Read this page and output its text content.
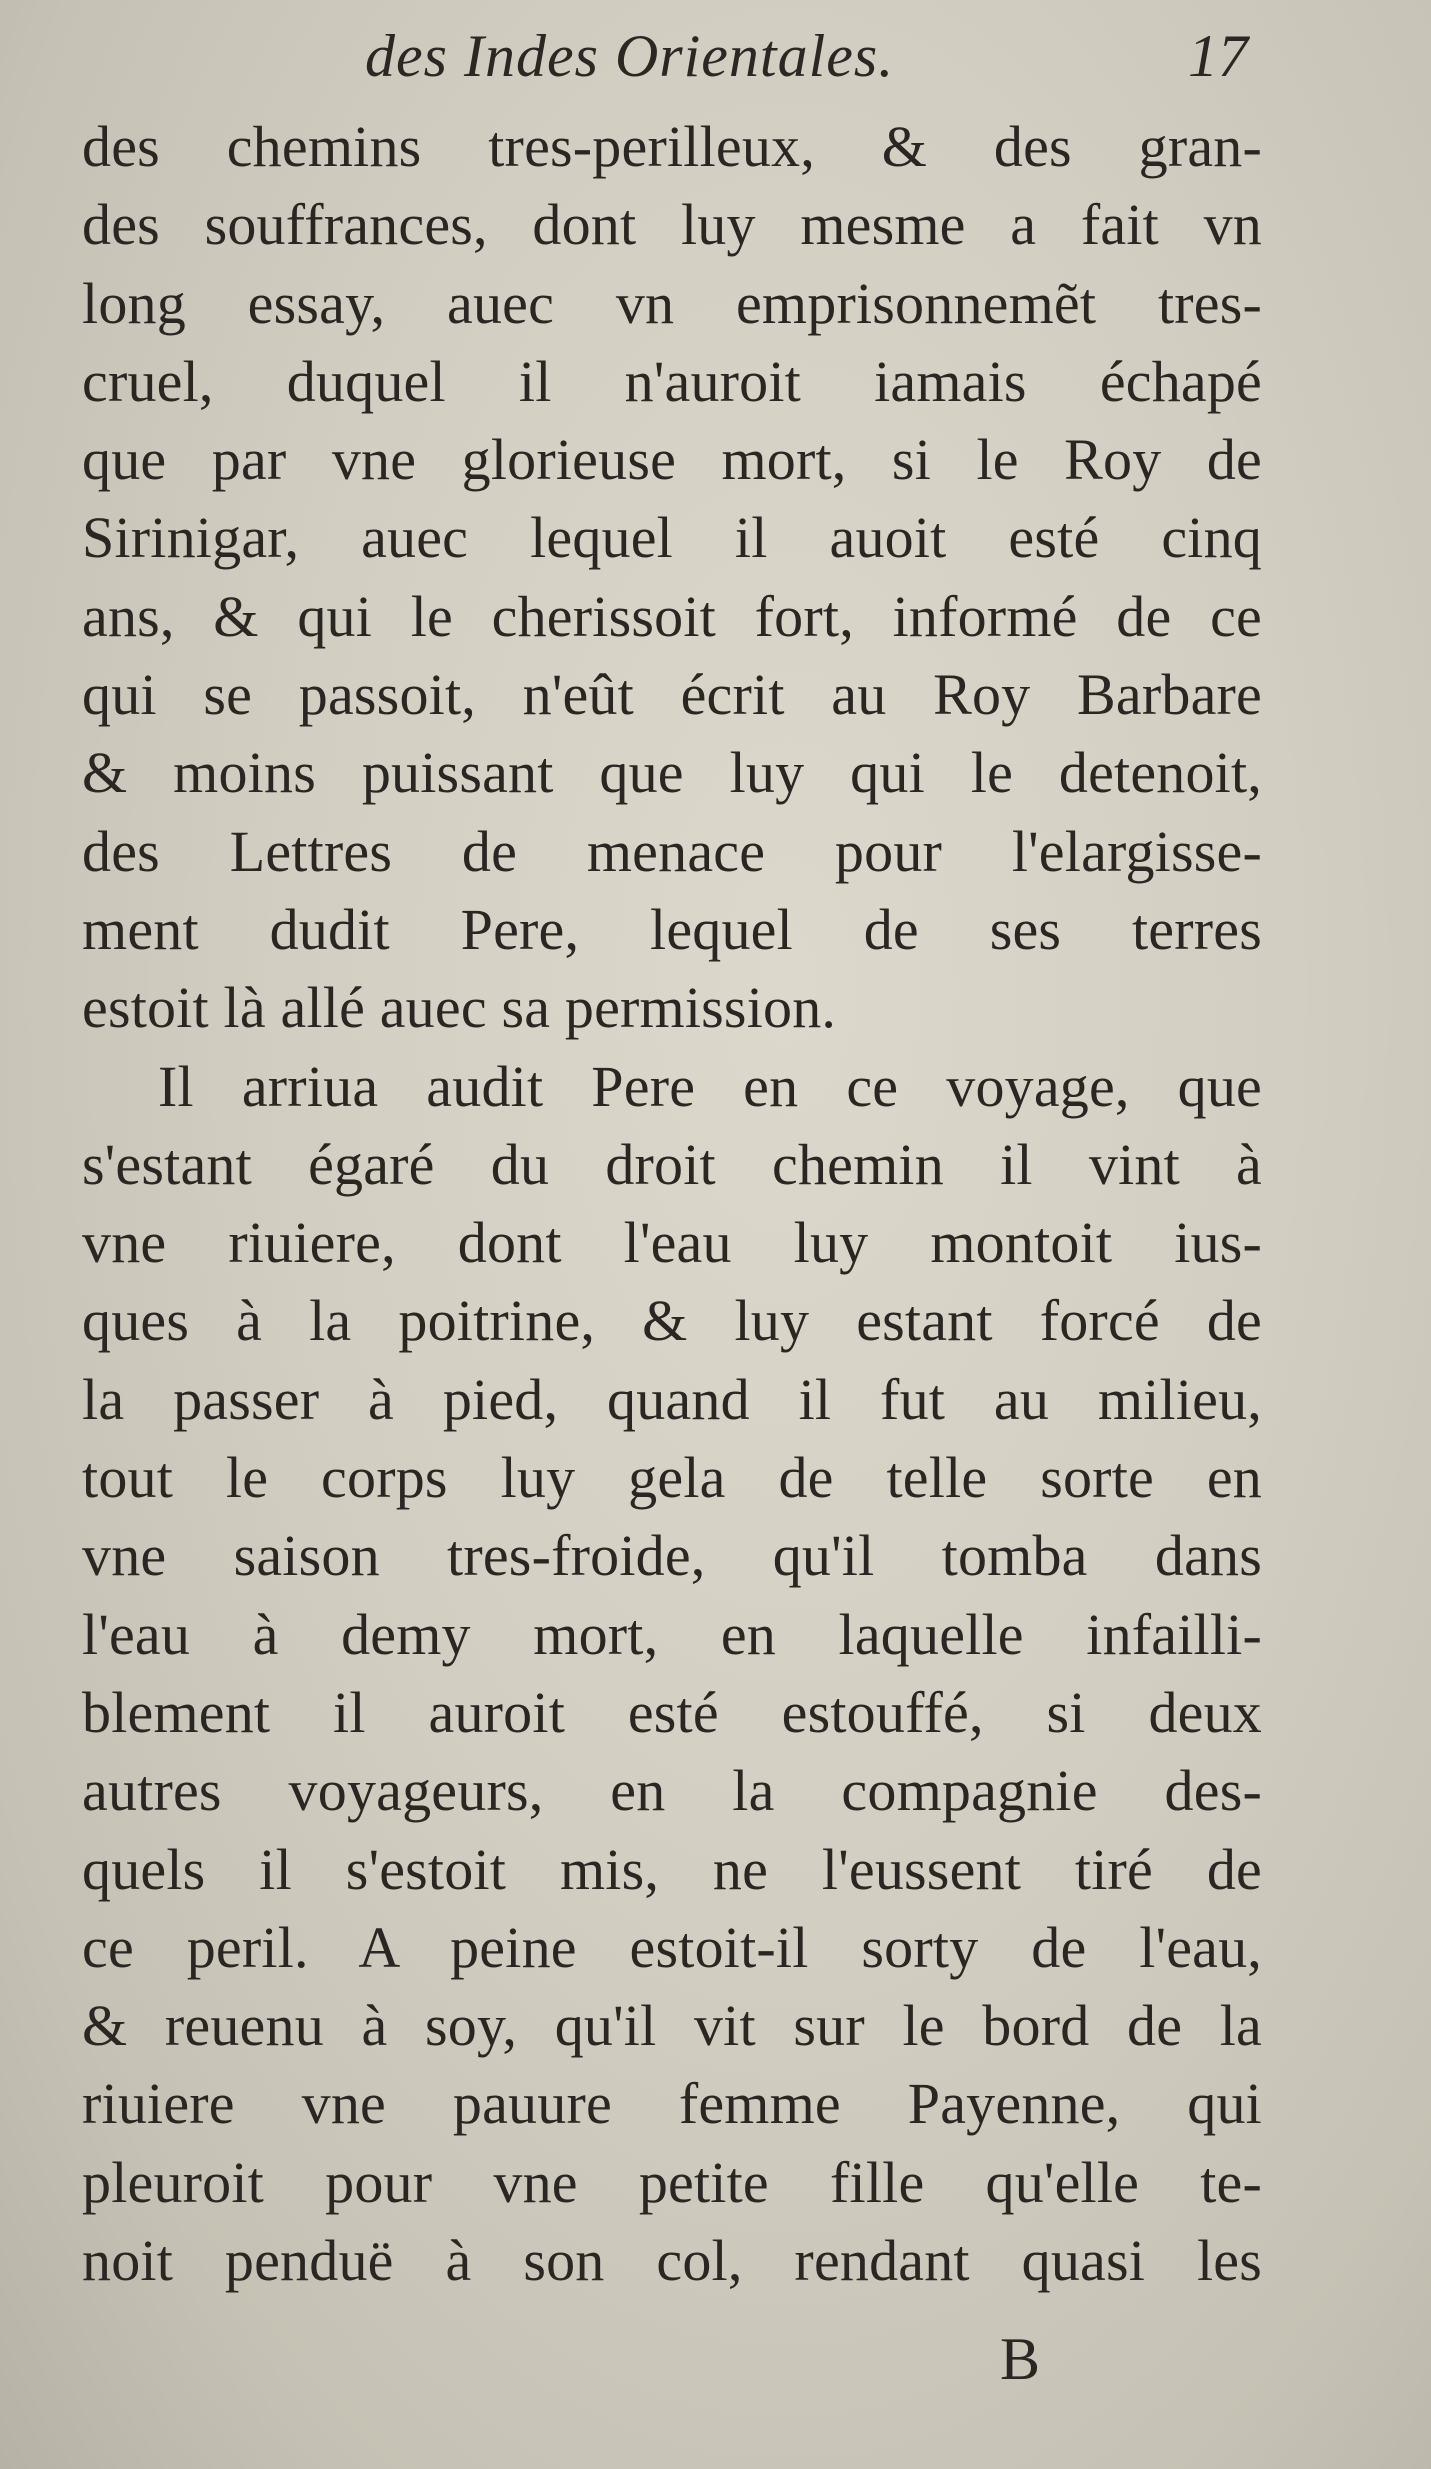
des Indes Orientales.	17
des chemins tres-perilleux, & des gran-
des souffrances, dont luy mesme a fait vn
long essay, auec vn emprisonnemẽt tres-
cruel, duquel il n'auroit iamais échapé
que par vne glorieuse mort, si le Roy de
Sirinigar, auec lequel il auoit esté cinq
ans, & qui le cherissoit fort, informé de ce
qui se passoit, n'eût écrit au Roy Barbare
& moins puissant que luy qui le detenoit,
des Lettres de menace pour l'elargisse-
ment dudit Pere, lequel de ses terres
estoit là allé auec sa permission.
Il arriua audit Pere en ce voyage, que
s'estant égaré du droit chemin il vint à
vne riuiere, dont l'eau luy montoit ius-
ques à la poitrine, & luy estant forcé de
la passer à pied, quand il fut au milieu,
tout le corps luy gela de telle sorte en
vne saison tres-froide, qu'il tomba dans
l'eau à demy mort, en laquelle infailli-
blement il auroit esté estouffé, si deux
autres voyageurs, en la compagnie des-
quels il s'estoit mis, ne l'eussent tiré de
ce peril. A peine estoit-il sorty de l'eau,
& reuenu à soy, qu'il vit sur le bord de la
riuiere vne pauure femme Payenne, qui
pleuroit pour vne petite fille qu'elle te-
noit penduë à son col, rendant quasi les
B
